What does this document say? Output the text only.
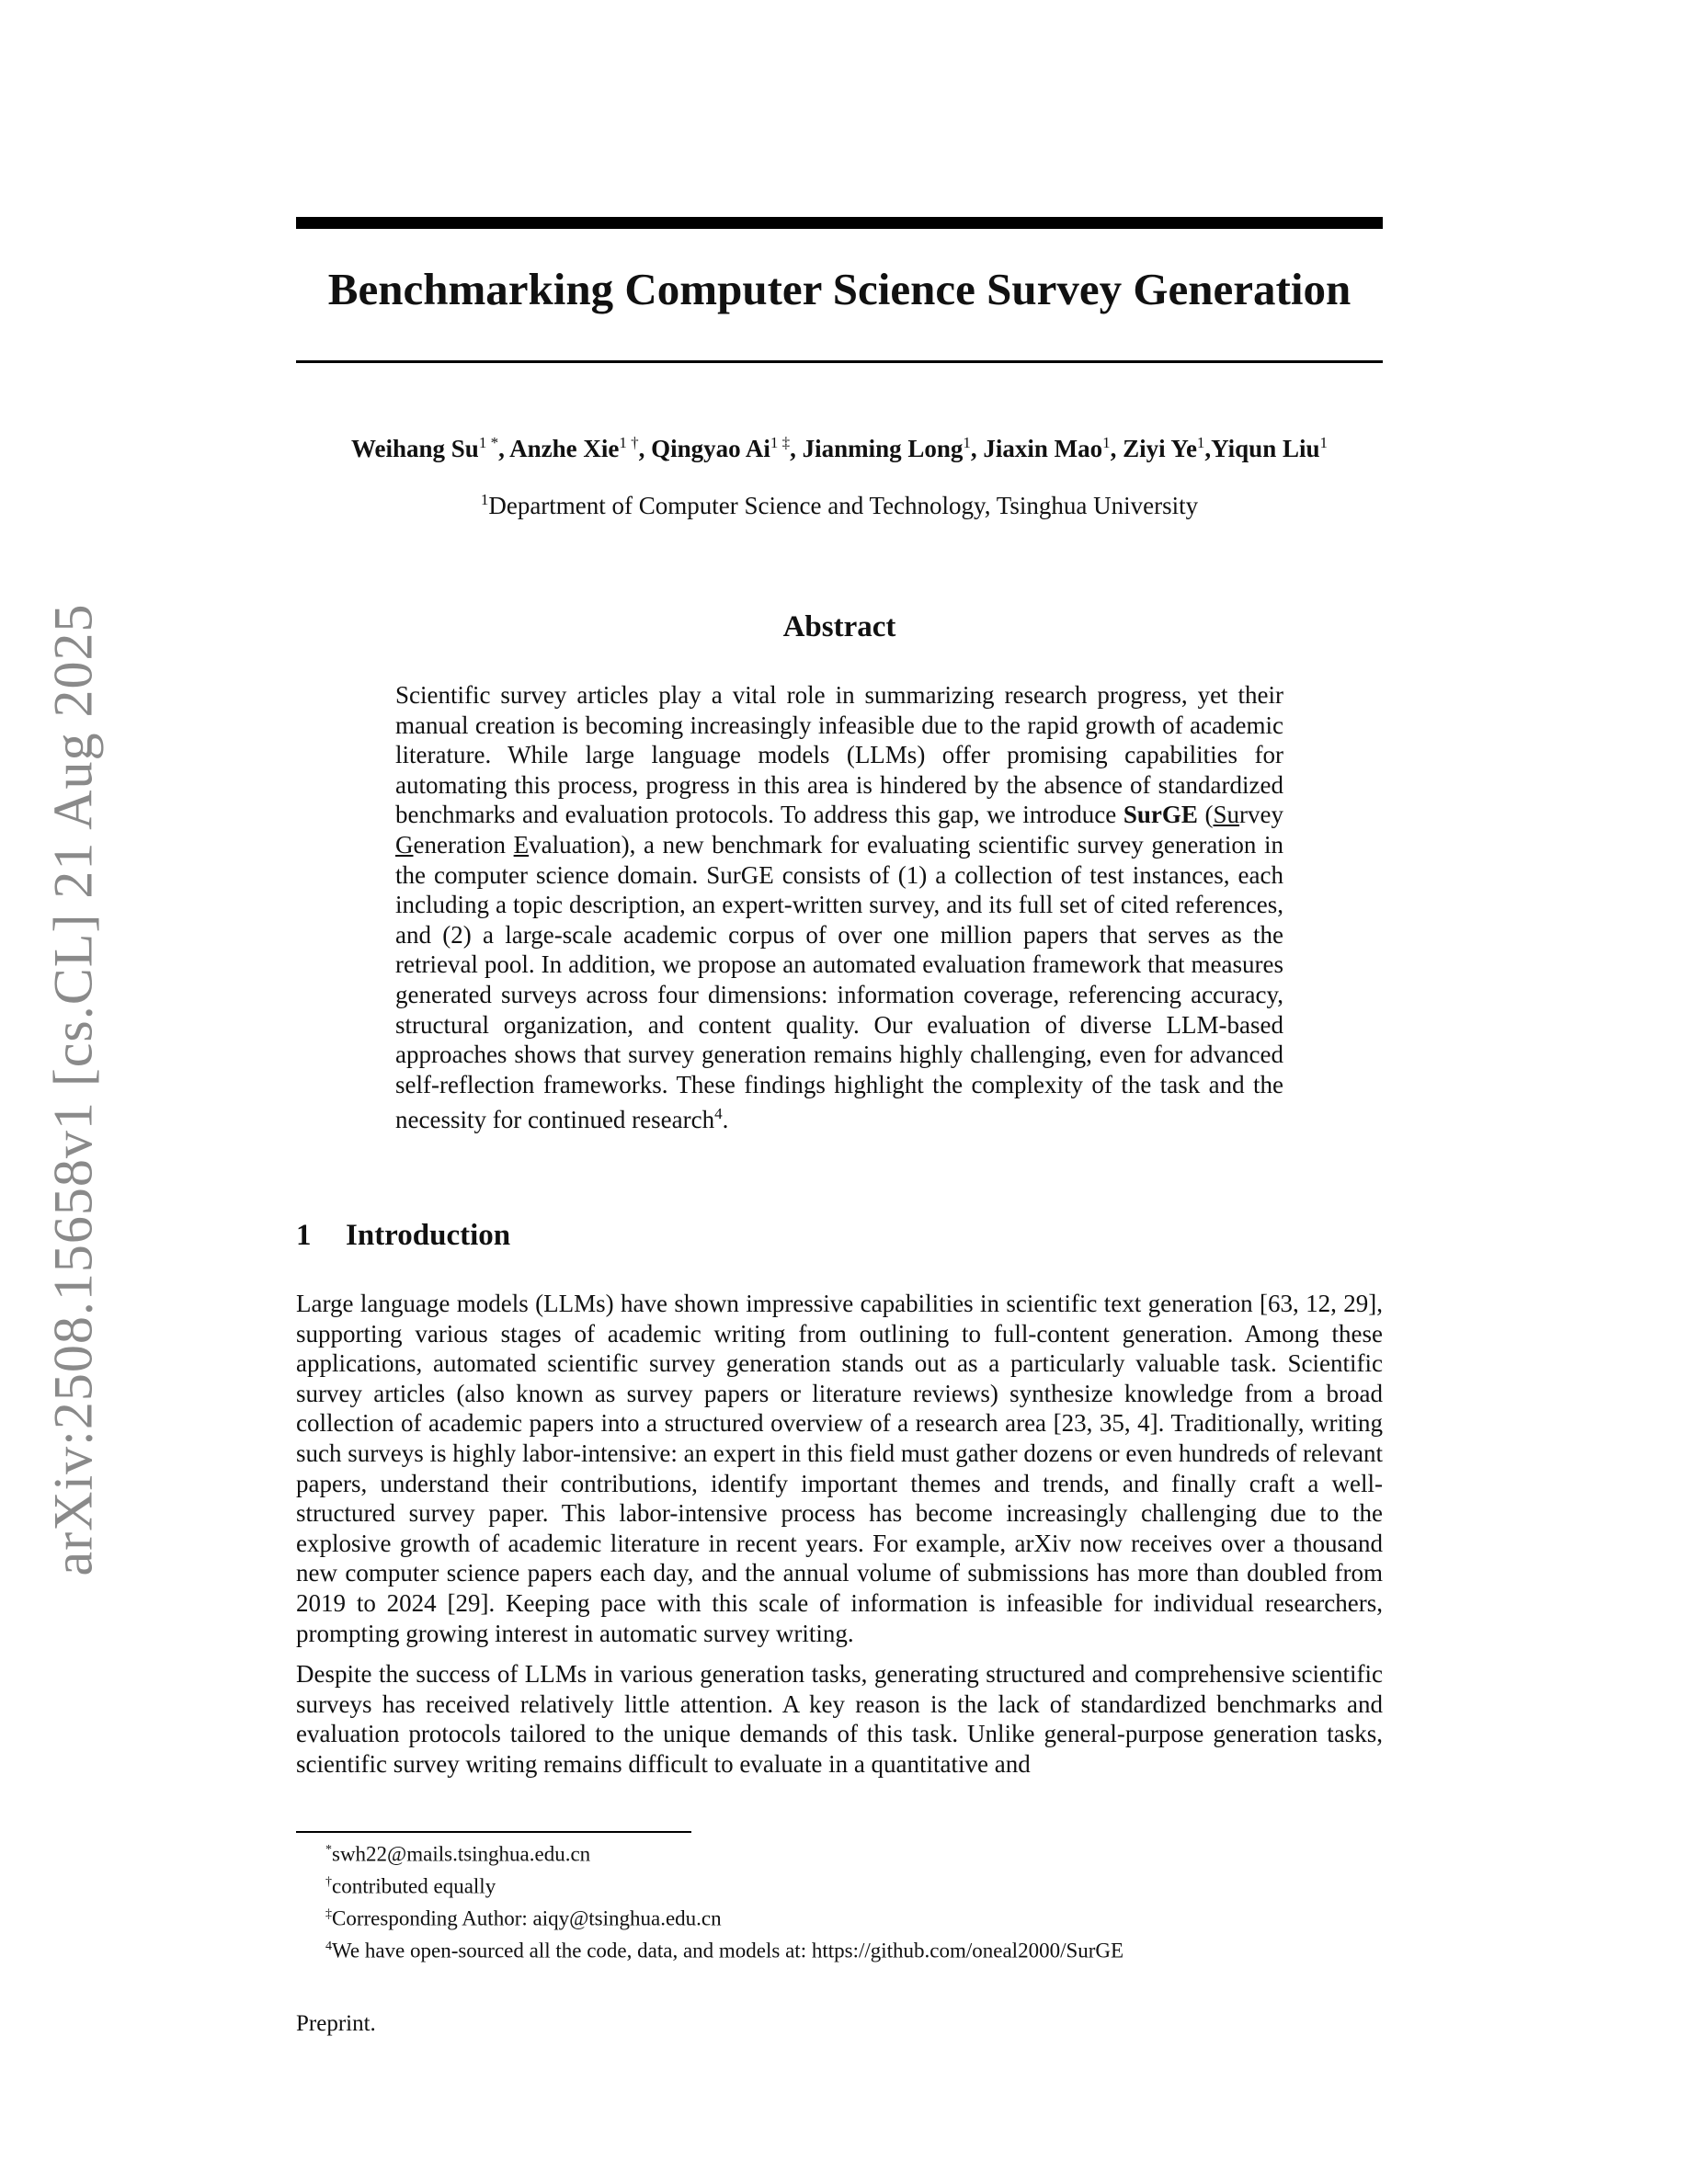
arXiv:2508.15658v1 [cs.CL] 21 Aug 2025
Benchmarking Computer Science Survey Generation
Weihang $Su^{1 *}$, Anzhe Xie$^{1 \dagger}$, Qingyao $Ai^{1 \ddagger}$, Jianming Long$^1$, Jiaxin Mao$^1$, Ziyi Ye$^1$,Yiqun Liu$^1$
$^1$Department of Computer Science and Technology, Tsinghua University
Abstract
Scientific survey articles play a vital role in summarizing research progress, yet their manual creation is becoming increasingly infeasible due to the rapid growth of academic literature. While large language models (LLMs) offer promising capabilities for automating this process, progress in this area is hindered by the absence of standardized benchmarks and evaluation protocols. To address this gap, we introduce SurGE (Survey Generation Evaluation), a new benchmark for evaluating scientific survey generation in the computer science domain. SurGE consists of (1) a collection of test instances, each including a topic description, an expert-written survey, and its full set of cited references, and (2) a large-scale academic corpus of over one million papers that serves as the retrieval pool. In addition, we propose an automated evaluation framework that measures generated surveys across four dimensions: information coverage, referencing accuracy, structural organization, and content quality. Our evaluation of diverse LLM-based approaches shows that survey generation remains highly challenging, even for advanced self-reflection frameworks. These findings highlight the complexity of the task and the necessity for continued research$^4$.
1 Introduction

Large language models (LLMs) have shown impressive capabilities in scientific text generation [63, 12, 29], supporting various stages of academic writing from outlining to full-content generation. Among these applications, automated scientific survey generation stands out as a particularly valuable task. Scientific survey articles (also known as survey papers or literature reviews) synthesize knowledge from a broad collection of academic papers into a structured overview of a research area [23, 35, 4]. Traditionally, writing such surveys is highly labor-intensive: an expert in this field must gather dozens or even hundreds of relevant papers, understand their contributions, identify important themes and trends, and finally craft a well-structured survey paper. This labor-intensive process has become increasingly challenging due to the explosive growth of academic literature in recent years. For example, arXiv now receives over a thousand new computer science papers each day, and the annual volume of submissions has more than doubled from 2019 to 2024 [29]. Keeping pace with this scale of information is infeasible for individual researchers, prompting growing interest in automatic survey writing.

Despite the success of LLMs in various generation tasks, generating structured and comprehensive scientific surveys has received relatively little attention. A key reason is the lack of standardized benchmarks and evaluation protocols tailored to the unique demands of this task. Unlike general-purpose generation tasks, scientific survey writing remains difficult to evaluate in a quantitative and

*swh22@mails.tsinghua.edu.cn
†contributed equally
‡Corresponding Author: aiqy@tsinghua.edu.cn
$^4$We have open-sourced all the code, data, and models at: https://github.com/oneal2000/SurGE
Preprint.
